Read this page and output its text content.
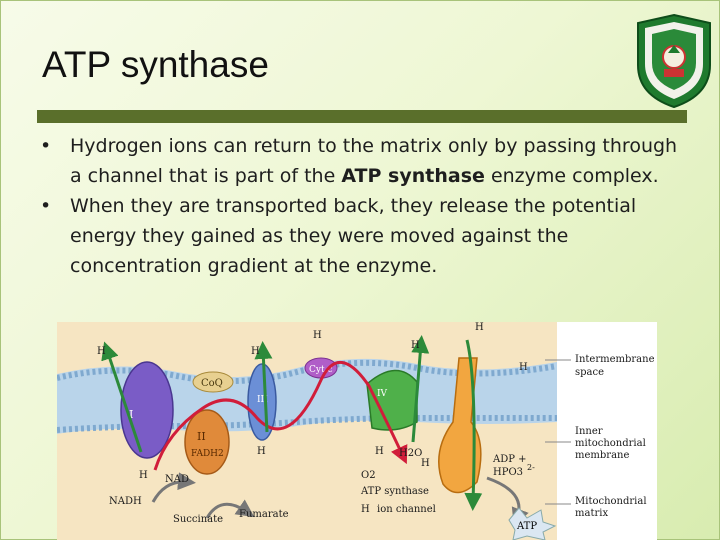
ATP synthase
• Hydrogen ions can return to the matrix only by passing through a channel that is part of the ATP synthase enzyme complex.
• When they are transported back, they release the potential energy they gained as they were moved against the concentration gradient at the enzyme.
I
II
FADH2
CoQ
III
Cyt c
IV
ATP
H	H
H
H
H
H
H
H	H
H
NAD
NADH
Succinate Fumarate
O2
H2O
ATP synthase
H ion channel
ADP +
HPO3 2-
Intermembrane
space
Inner
mitochondrial
membrane
Mitochondrial
matrix
